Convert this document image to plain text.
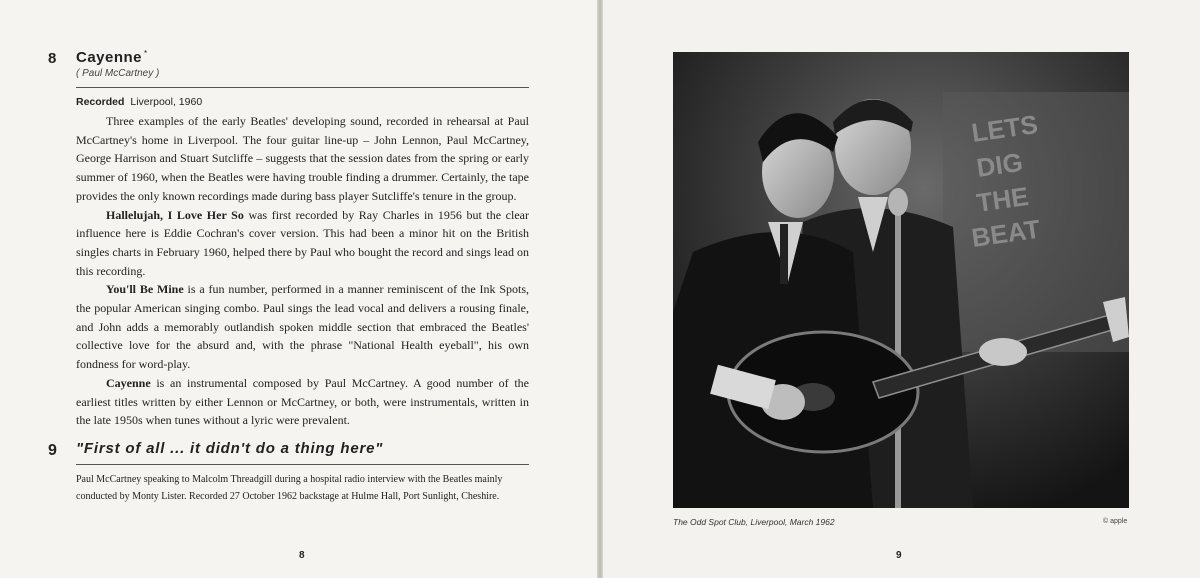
8 Cayenne *
( Paul McCartney )
Recorded Liverpool, 1960

Three examples of the early Beatles' developing sound, recorded in rehearsal at Paul McCartney's home in Liverpool. The four guitar line-up – John Lennon, Paul McCartney, George Harrison and Stuart Sutcliffe – suggests that the session dates from the spring or early summer of 1960, when the Beatles were having trouble finding a drummer. Certainly, the tape provides the only known recordings made during bass player Sutcliffe's tenure in the group.

Hallelujah, I Love Her So was first recorded by Ray Charles in 1956 but the clear influence here is Eddie Cochran's cover version. This had been a minor hit on the British singles charts in February 1960, helped there by Paul who bought the record and sings lead on this recording.

You'll Be Mine is a fun number, performed in a manner reminiscent of the Ink Spots, the popular American singing combo. Paul sings the lead vocal and delivers a rousing finale, and John adds a memorably outlandish spoken middle section that embraced the Beatles' collective love for the absurd and, with the phrase "National Health eyeball", his own fondness for word-play.

Cayenne is an instrumental composed by Paul McCartney. A good number of the earliest titles written by either Lennon or McCartney, or both, were instrumentals, written in the late 1950s when tunes without a lyric were prevalent.

9 "First of all ... it didn't do a thing here"
Paul McCartney speaking to Malcolm Threadgill during a hospital radio interview with the Beatles mainly conducted by Monty Lister. Recorded 27 October 1962 backstage at Hulme Hall, Port Sunlight, Cheshire.
8
LETS
DIG
THE
BEAT
The Odd Spot Club, Liverpool, March 1962	© apple
9
